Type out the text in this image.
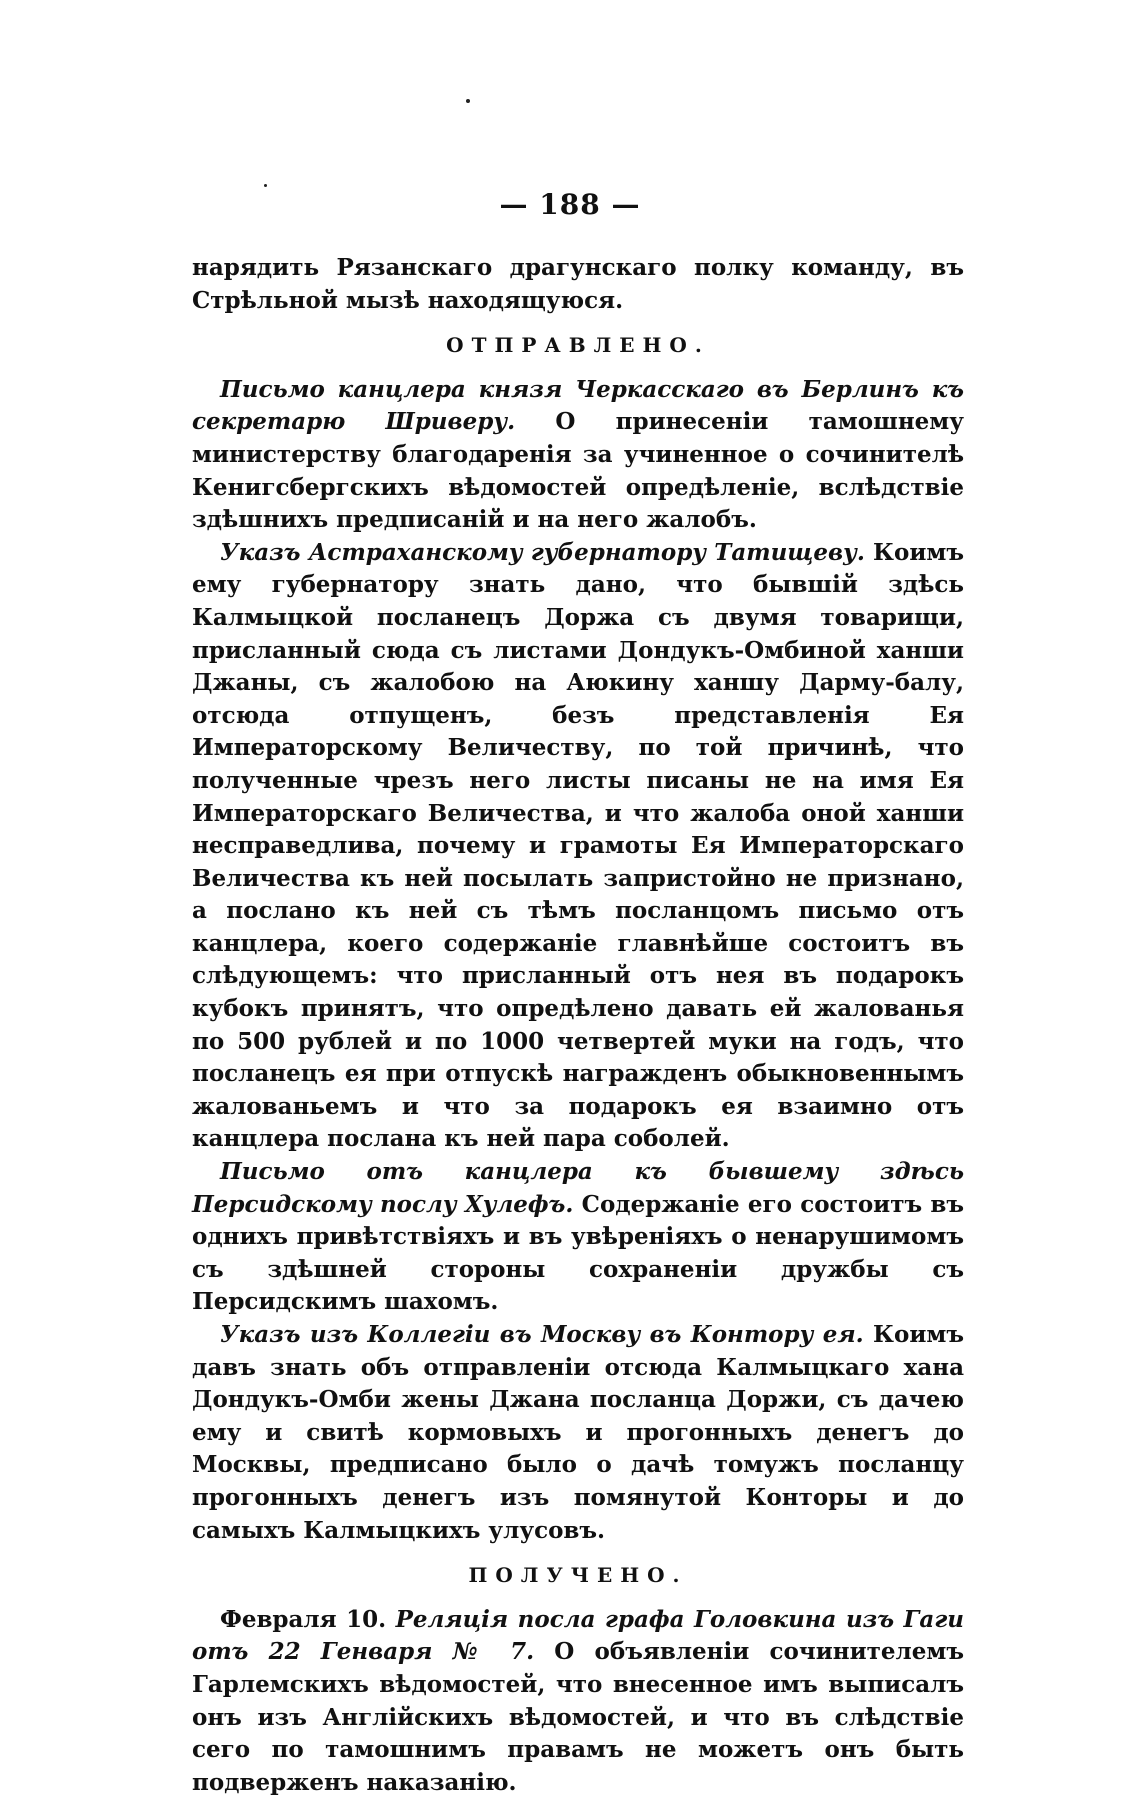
— 188 —

нарядить Рязанскаго драгунскаго полку команду, въ Стрѣльной мызѣ находящуюся.

ОТПРАВЛЕНО.

Письмо канцлера князя Черкасскаго въ Берлинъ къ секретарю Шриверу. О принесеніи тамошнему министерству благодаренія за учиненное о сочинителѣ Кенигсбергскихъ вѣдомостей опредѣленіе, вслѣдствіе здѣшнихъ предписаній и на него жалобъ.

Указъ Астраханскому губернатору Татищеву. Коимъ ему губернатору знать дано, что бывшій здѣсь Калмыцкой посланецъ Доржа съ двумя товарищи, присланный сюда съ листами Дондукъ-Омбиной ханши Джаны, съ жалобою на Аюкину ханшу Дарму-балу, отсюда отпущенъ, безъ представленія Ея Императорскому Величеству, по той причинѣ, что полученные чрезъ него листы писаны не на имя Ея Императорскаго Величества, и что жалоба оной ханши несправедлива, почему и грамоты Ея Императорскаго Величества къ ней посылать запристойно не признано, а послано къ ней съ тѣмъ посланцомъ письмо отъ канцлера, коего содержаніе главнѣйше состоитъ въ слѣдующемъ: что присланный отъ нея въ подарокъ кубокъ принятъ, что опредѣлено давать ей жалованья по 500 рублей и по 1000 четвертей муки на годъ, что посланецъ ея при отпускѣ награжденъ обыкновеннымъ жалованьемъ и что за подарокъ ея взаимно отъ канцлера послана къ ней пара соболей.

Письмо отъ канцлера къ бывшему здѣсь Персидскому послу Хулефъ. Содержаніе его состоитъ въ однихъ привѣтствіяхъ и въ увѣреніяхъ о ненарушимомъ съ здѣшней стороны сохраненіи дружбы съ Персидскимъ шахомъ.

Указъ изъ Коллегіи въ Москву въ Контору ея. Коимъ давъ знать объ отправленіи отсюда Калмыцкаго хана Дондукъ-Омби жены Джана посланца Доржи, съ дачею ему и свитѣ кормовыхъ и прогонныхъ денегъ до Москвы, предписано было о дачѣ томужъ посланцу прогонныхъ денегъ изъ помянутой Конторы и до самыхъ Калмыцкихъ улусовъ.

ПОЛУЧЕНО.

Февраля 10. Реляція посла графа Головкина изъ Гаги отъ 22 Генваря № 7. О объявленіи сочинителемъ Гарлемскихъ вѣдомостей, что внесенное имъ выписалъ онъ изъ Англійскихъ вѣдомостей, и что въ слѣдствіе сего по тамошнимъ правамъ не можетъ онъ быть подверженъ наказанію.
